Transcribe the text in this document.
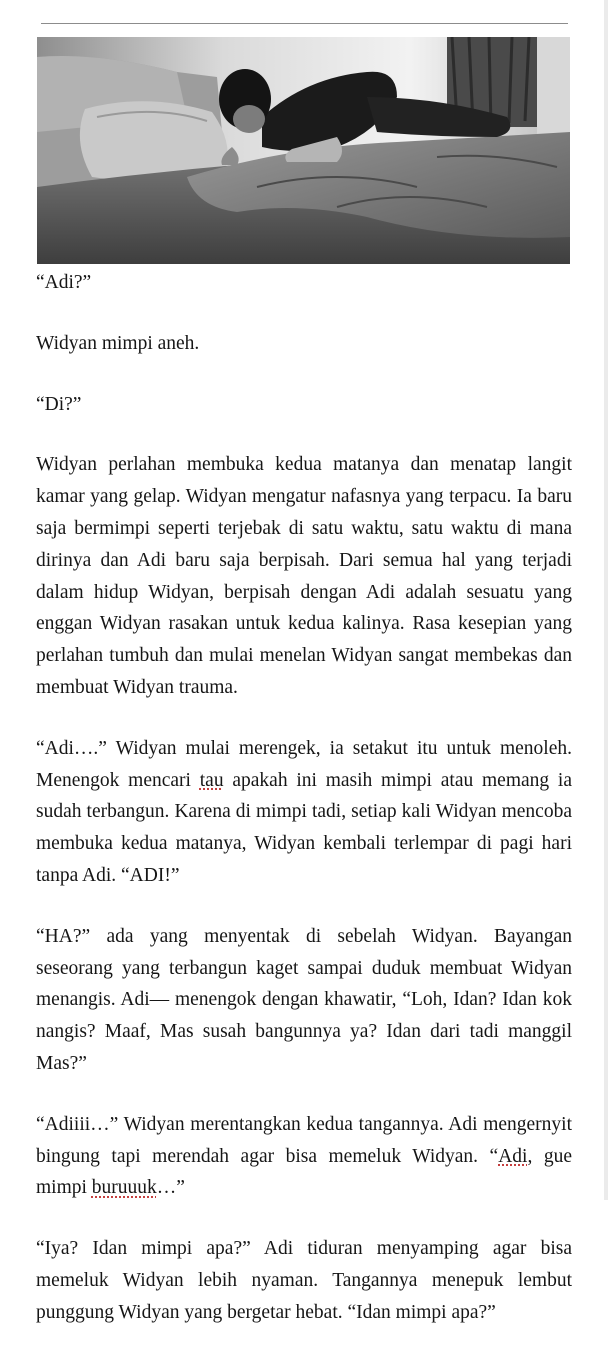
“Adi?”

Widyan mimpi aneh.

“Di?”

Widyan perlahan membuka kedua matanya dan menatap langit kamar yang gelap. Widyan mengatur nafasnya yang terpacu. Ia baru saja bermimpi seperti terjebak di satu waktu, satu waktu di mana dirinya dan Adi baru saja berpisah. Dari semua hal yang terjadi dalam hidup Widyan, berpisah dengan Adi adalah sesuatu yang enggan Widyan rasakan untuk kedua kalinya. Rasa kesepian yang perlahan tumbuh dan mulai menelan Widyan sangat membekas dan membuat Widyan trauma.

“Adi….” Widyan mulai merengek, ia setakut itu untuk menoleh. Menengok mencari tau apakah ini masih mimpi atau memang ia sudah terbangun. Karena di mimpi tadi, setiap kali Widyan mencoba membuka kedua matanya, Widyan kembali terlempar di pagi hari tanpa Adi. “ADI!”

“HA?” ada yang menyentak di sebelah Widyan. Bayangan seseorang yang terbangun kaget sampai duduk membuat Widyan menangis. Adi— menengok dengan khawatir, “Loh, Idan? Idan kok nangis? Maaf, Mas susah bangunnya ya? Idan dari tadi manggil Mas?”

“Adiiii…” Widyan merentangkan kedua tangannya. Adi mengernyit bingung tapi merendah agar bisa memeluk Widyan. “Adi, gue mimpi buruuuk…”

“Iya? Idan mimpi apa?” Adi tiduran menyamping agar bisa memeluk Widyan lebih nyaman. Tangannya menepuk lembut punggung Widyan yang bergetar hebat. “Idan mimpi apa?”
